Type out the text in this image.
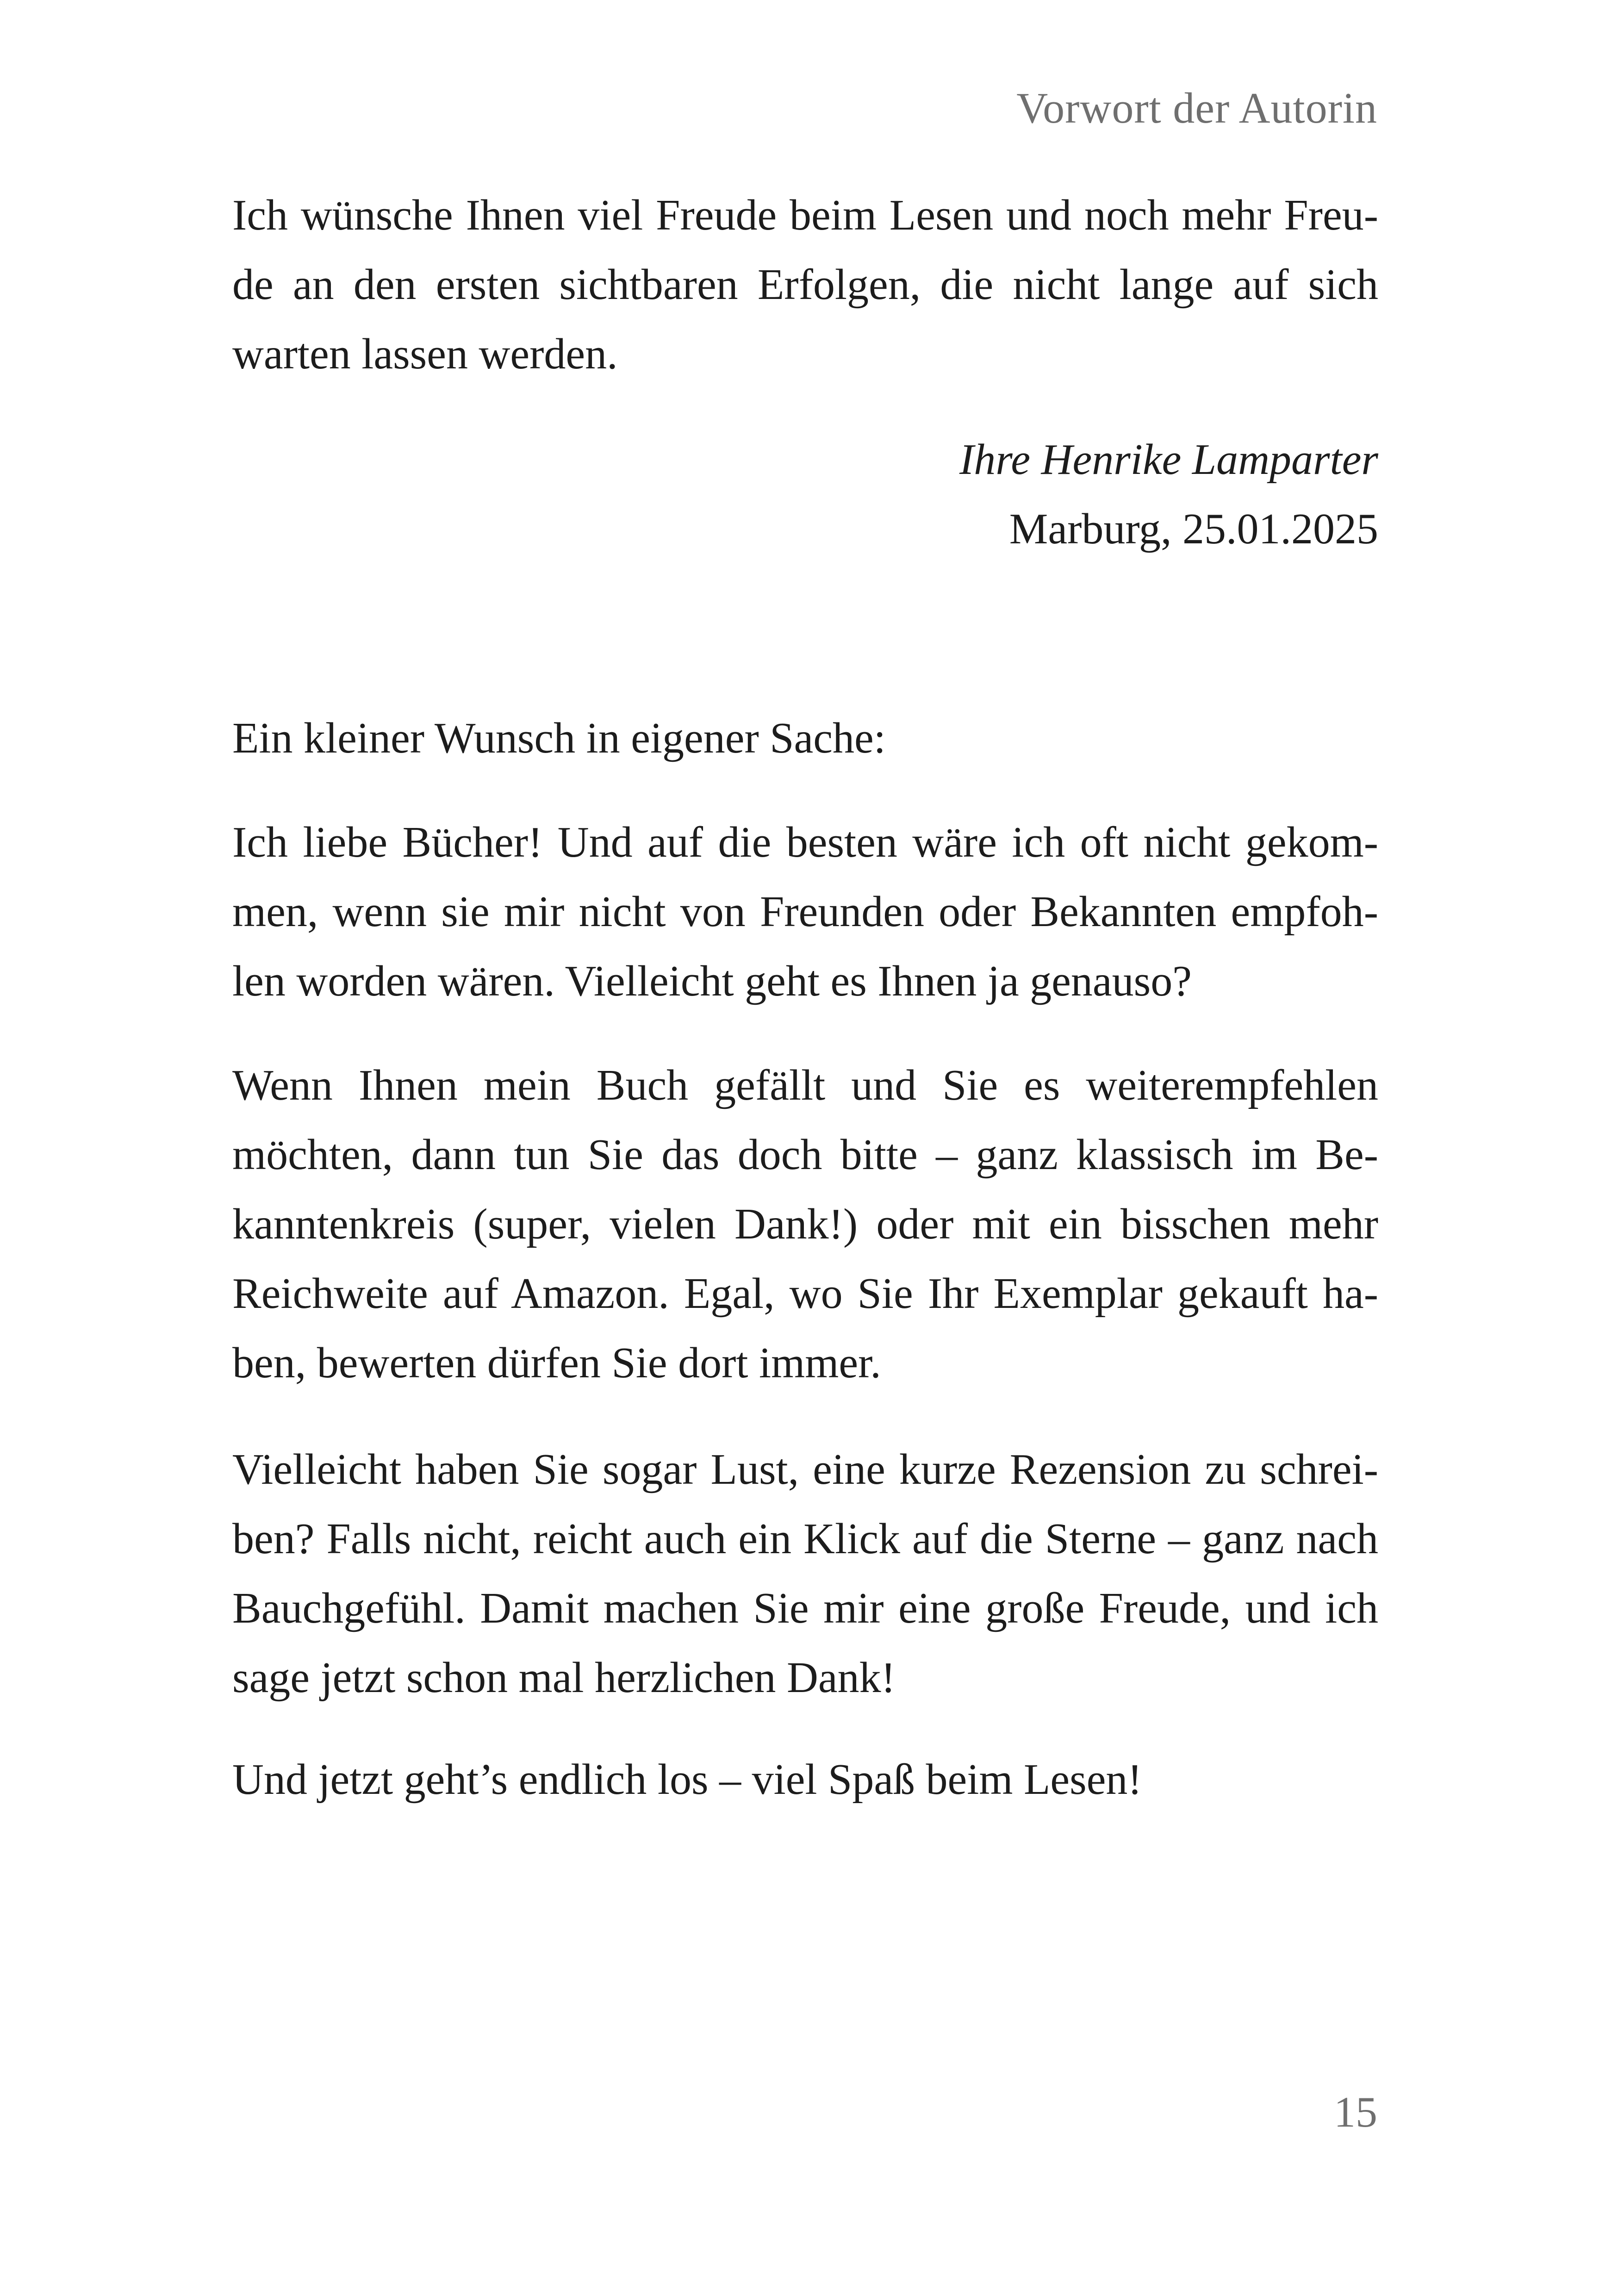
Vorwort der Autorin

Ich wünsche Ihnen viel Freude beim Lesen und noch mehr Freude an den ersten sichtbaren Erfolgen, die nicht lange auf sich warten lassen werden.

Ihre Henrike Lamparter
Marburg, 25.01.2025

Ein kleiner Wunsch in eigener Sache:

Ich liebe Bücher! Und auf die besten wäre ich oft nicht gekommen, wenn sie mir nicht von Freunden oder Bekannten empfohlen worden wären. Vielleicht geht es Ihnen ja genauso?

Wenn Ihnen mein Buch gefällt und Sie es weiterempfehlen möchten, dann tun Sie das doch bitte – ganz klassisch im Bekanntenkreis (super, vielen Dank!) oder mit ein bisschen mehr Reichweite auf Amazon. Egal, wo Sie Ihr Exemplar gekauft haben, bewerten dürfen Sie dort immer.

Vielleicht haben Sie sogar Lust, eine kurze Rezension zu schreiben? Falls nicht, reicht auch ein Klick auf die Sterne – ganz nach Bauchgefühl. Damit machen Sie mir eine große Freude, und ich sage jetzt schon mal herzlichen Dank!

Und jetzt geht’s endlich los – viel Spaß beim Lesen!

15
